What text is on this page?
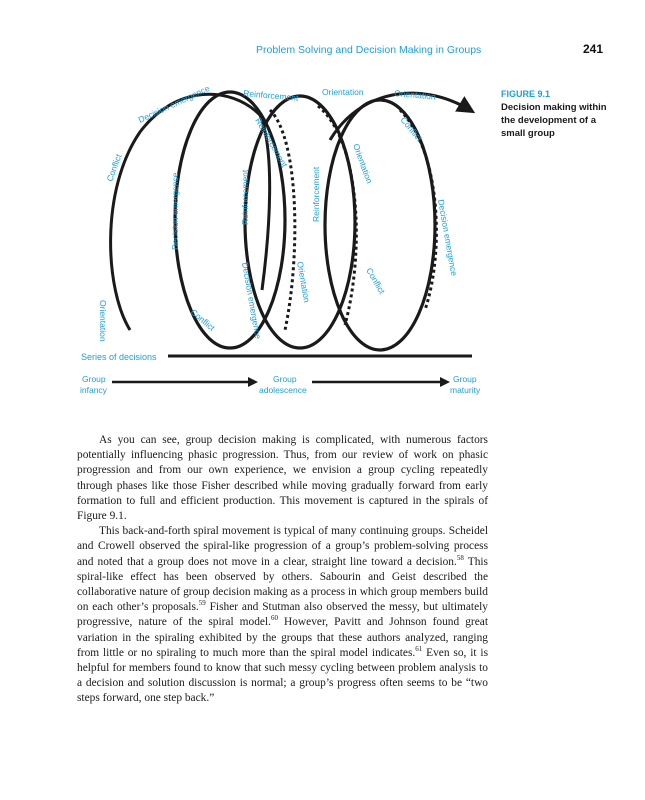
Problem Solving and Decision Making in Groups	241
FIGURE 9.1
Decision making within the development of a small group
Orientation
Conflict
Decision emergence	Reinforcement	Orientation	Orientation
Decision emergence	Reinforcement
Reinforcement
Reinforcement
Conflict
Orientation
Decision emergence
Orientation	Conflict
Decision emergence
Conflict
Series of decisions
Group
infancy
Group
adolescence
Group
maturity

As you can see, group decision making is complicated, with numerous factors potentially influencing phasic progression. Thus, from our review of work on phasic progression and from our own experience, we envision a group cycling repeatedly through phases like those Fisher described while moving gradually forward from early formation to full and efficient production. This movement is captured in the spirals of Figure 9.1.

This back-and-forth spiral movement is typical of many continuing groups. Scheidel and Crowell observed the spiral-like progression of a group’s problem-solving process and noted that a group does not move in a clear, straight line toward a decision.$^{58}$ This spiral-like effect has been observed by others. Sabourin and Geist described the collaborative nature of group decision making as a process in which group members build on each other’s proposals.$^{59}$ Fisher and Stutman also observed the messy, but ultimately progressive, nature of the spiral model.$^{60}$ However, Pavitt and Johnson found great variation in the spiraling exhibited by the groups that these authors analyzed, ranging from little or no spiraling to much more than the spiral model indicates.$^{61}$ Even so, it is helpful for members found to know that such messy cycling between problem analysis to a decision and solution discussion is normal; a group’s progress often seems to be “two steps forward, one step back.”
